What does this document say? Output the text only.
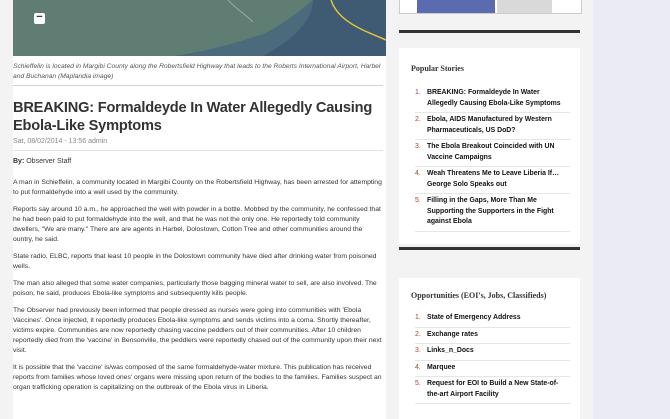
−
Schieffelin is located in Margibi County along the Robertsfield Highway that leads to the Roberts International Airport, Harbel and Buchanan (Maplandia image)
BREAKING: Formaldeyde In Water Allegedly Causing Ebola-Like Symptoms
Sat, 08/02/2014 - 13:56 admin
By: Observer Staff

A man in Schieffelin, a community located in Margibi County on the Robertsfield Highway, has been arrested for attempting to put formaldehyde into a well used by the community.

Reports say around 10 a.m., he approached the well with powder in a bottle. Mobbed by the community, he confessed that he had been paid to put formaldehyde into the well, and that he was not the only one. He reportedly told community dwellers, "We are many." There are are agents in Harbel, Dolostown, Cotton Tree and other communities around the ountry, he said.

State radio, ELBC, reports that least 10 people in the Dolostown community have died after drinking water from poisoned wells.

The man also alleged that some water companies, particularly those bagging mineral water to sell, are also involved. The poison, he said, produces Ebola-like symptoms and subsequently kills people.

The Observer had previously been informed that people dressed as nurses were going into communities with 'Ebola Vaccines'. Once injected, it reportedly produces Ebola-like symptoms and sends victims into a coma. Shortly thereafter, victims expire. Communities are now reportedly chasing vaccine peddlers out of their communities. After 10 children reportedly died from the 'vaccine' in Bensonville, the peddlers were reportedly chased out of the community upon their next visit.

It is possible that the 'vaccine' is/was composed of the same formaldehyde-water mixture. This publication has received reports from families whose loved ones' organs were missing upon return of the bodies to the families. Families suspect an organ trafficking operation is capitalizing on the outbreak of the Ebola virus in Liberia.

Popular Stories
1. BREAKING: Formaldeyde In Water Allegedly Causing Ebola-Like Symptoms
2. Ebola, AIDS Manufactured by Western Pharmaceuticals, US DoD?
3. The Ebola Breakout Coincided with UN Vaccine Campaigns
4. Weah Threatens Me to Leave Liberia If… George Solo Speaks out
5. Filling in the Gaps, More Than Me Supporting the Supporters in the Fight against Ebola
Opportunities (EOI's, Jobs, Classifieds)
1. State of Emergency Address
2. Exchange rates
3. Links_n_Docs
4. Marquee
5. Request for EOI to Build a New State-of-the-art Airport Facility
